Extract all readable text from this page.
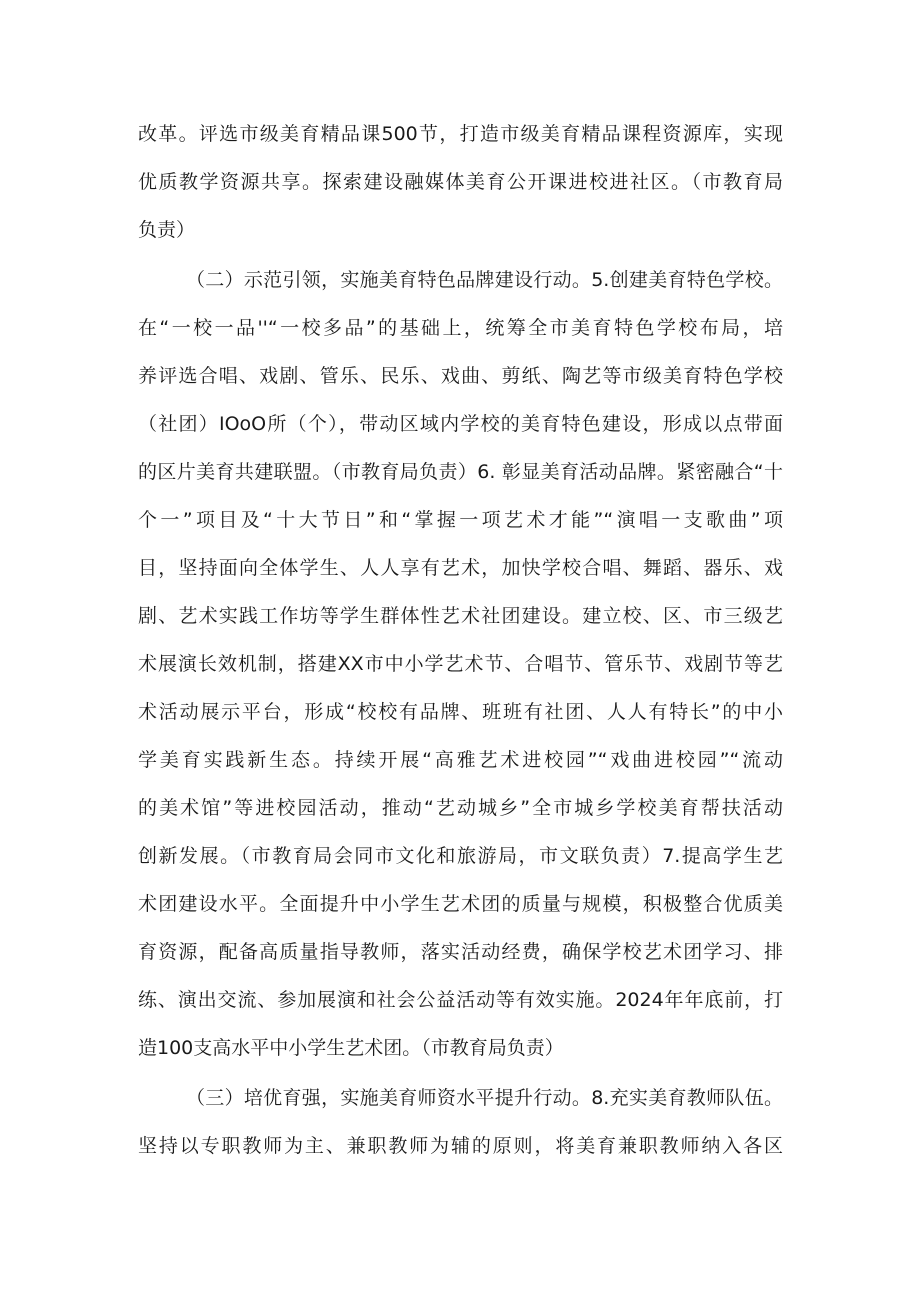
改革。评选市级美育精品课500节，打造市级美育精品课程资源库，实现
优质教学资源共享。探索建设融媒体美育公开课进校进社区。（市教育局
负责）
（二）示范引领，实施美育特色品牌建设行动。5.创建美育特色学校。
在“一校一品''“一校多品”的基础上，统筹全市美育特色学校布局，培
养评选合唱、戏剧、管乐、民乐、戏曲、剪纸、陶艺等市级美育特色学校
（社团）IOoO所（个），带动区域内学校的美育特色建设，形成以点带面
的区片美育共建联盟。（市教育局负责）6. 彰显美育活动品牌。紧密融合“十
个一”项目及“十大节日”和“掌握一项艺术才能”“演唱一支歌曲”项
目，坚持面向全体学生、人人享有艺术，加快学校合唱、舞蹈、器乐、戏
剧、艺术实践工作坊等学生群体性艺术社团建设。建立校、区、市三级艺
术展演长效机制，搭建XX市中小学艺术节、合唱节、管乐节、戏剧节等艺
术活动展示平台，形成“校校有品牌、班班有社团、人人有特长”的中小
学美育实践新生态。持续开展“高雅艺术进校园”“戏曲进校园”“流动
的美术馆”等进校园活动，推动“艺动城乡”全市城乡学校美育帮扶活动
创新发展。（市教育局会同市文化和旅游局，市文联负责）7.提高学生艺
术团建设水平。全面提升中小学生艺术团的质量与规模，积极整合优质美
育资源，配备高质量指导教师，落实活动经费，确保学校艺术团学习、排
练、演出交流、参加展演和社会公益活动等有效实施。2024年年底前，打
造100支高水平中小学生艺术团。（市教育局负责）
（三）培优育强，实施美育师资水平提升行动。8.充实美育教师队伍。
坚持以专职教师为主、兼职教师为辅的原则，将美育兼职教师纳入各区
